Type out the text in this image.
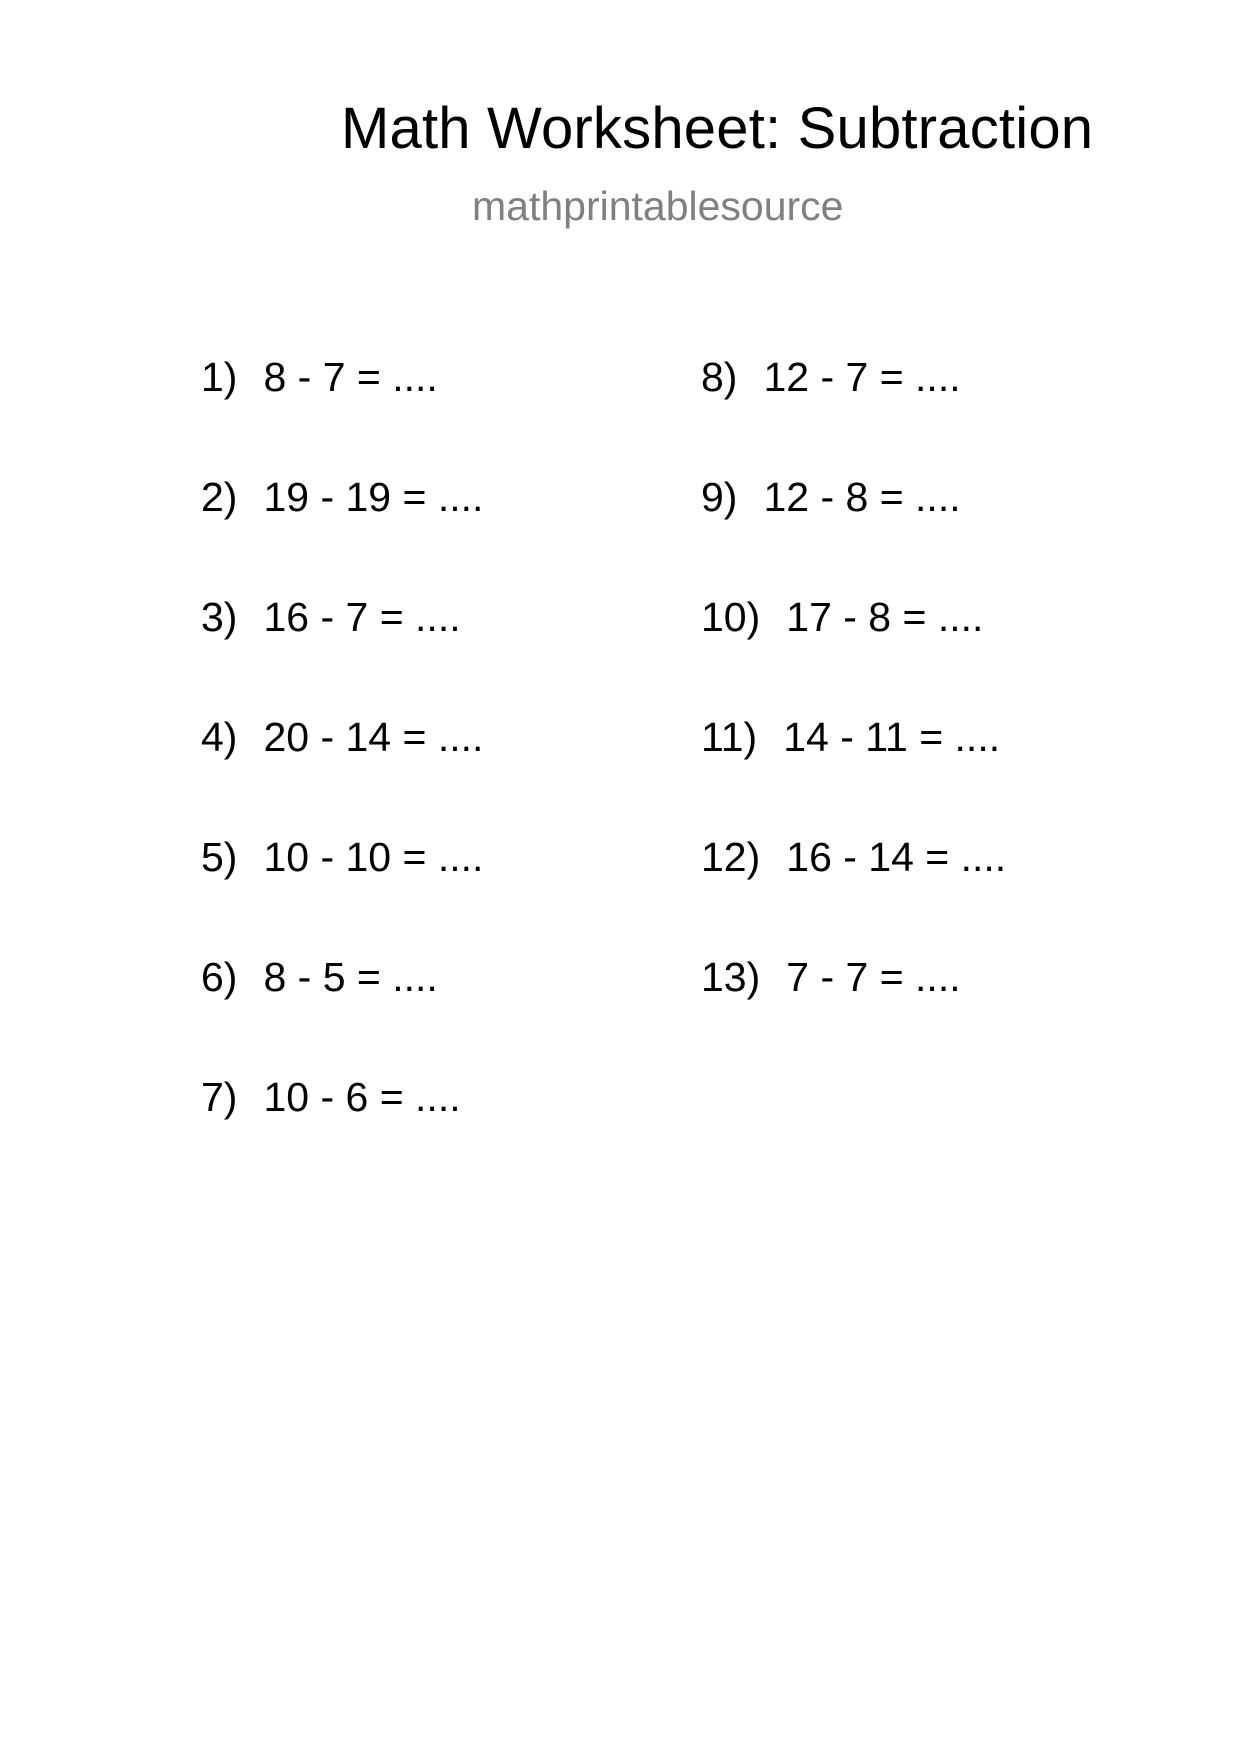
Math Worksheet: Subtraction
mathprintablesource
1) 8 - 7 = ....
2) 19 - 19 = ....
3) 16 - 7 = ....
4) 20 - 14 = ....
5) 10 - 10 = ....
6) 8 - 5 = ....
7) 10 - 6 = ....
8) 12 - 7 = ....
9) 12 - 8 = ....
10) 17 - 8 = ....
11) 14 - 11 = ....
12) 16 - 14 = ....
13) 7 - 7 = ....
